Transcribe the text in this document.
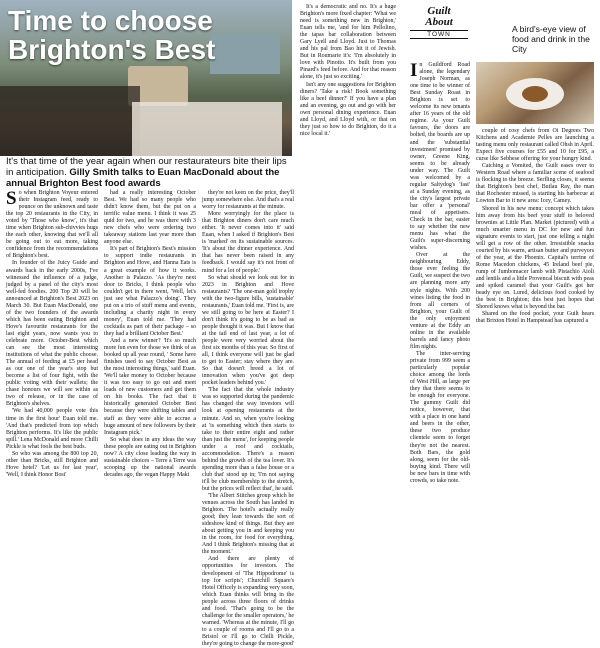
Time to choose
Brighton's Best
It's that time of the year again when our restaurateurs bite their lips in anticipation. Gilly Smith talks to Euan MacDonald about the annual Brighton Best food awards

So when Brighton Voyeur entered their Instagram feed, ready to pounce on the unknown and taste the top 20 restaurants in the City, in voted by 'Those who know', it's that time when Brighton sub-chivvies hugs the each other, knowing that we'll all be going out to eat more, taking confidence from the recommendations of Brighton's best.

In founder of the Juicy Guide and awards back in the early 2000s, I've witnessed the influence of a judge, judged by a panel of the city's most well-fed foodies. 200 Top 20 will be announced at Brighton's Best 2023 on March 30. But Euan MacDonald, one of the two founders of the awards which has been eating Brighton and Hove's favourite restaurants for the last eight years, now wants you to celebrate more. October-Best which can see the most interesting institutions of what the public choose. The annual of feeding at £5 per head as our one of the year's stop but become a list of four fight, with the public voting with their wallets; the chase honours we will see within as two of release, or in the case of Brighton's shelves.

'We had 40,000 people vote this time in the first hour' Euan told me. 'And that's predicted from top which Brighton performs. It's like the public spill.' Lena McDonald and more Chilli Pickle is what fools the best buds.

So who was among the 800 top 20, other than Bricks, still Brighton and Hove hotel? 'Let us for last year', 'Well, I think Honor Bosi'

had a really interesting October Best. We had so many people who didn't know them, but the put on a terrific value menu. I think it was 25 quid for two, and he was there with 3 new chefs who were ordering two takeaway stations last year more than anyone else.

It's part of Brighton's Best's mission to support indie restaurants in Brighton and Hove, and Hanna Eats is a great example of how it works. Another is Palazzo. 'As they're next door to Bricks, I think people who couldn't get in there went, 'Well, let's just see what Palazzo's doing'. They put on a trio of stuff menu and events, including a charity night in every money', Euan told me. 'They had cocktails as part of their package – so they had a brilliant October Best.'

And a new winner? 'It's so much more fun even for those we think of as booked up all year round, ' Some have finishes used to say October Best as the most interesting things,' said Euan. 'We'll take money to October because it was too easy to go out and meet loads of new customers and get them on his books. The fact that it historically generated October Best because they were shifting tables and staff as they were able to accrue a huge amount of new followers by their Instagram pick.'

So what does in any ideas the way these people are eating out in Brighton now? A city close leading the way in sustainable choices – Terre à Terre was scooping up the national awards decades ago, the vegan Happy Maki

they're not keen on the price, they'll jump somewhere else. And that's a real worry for restaurants at the minute.

More worryingly for the place is that Brighton diners don't care much either. 'It never comes into it' said Euan, when I asked if Brighton's Best is 'marked' on its sustainable sources. 'It's about the dinner experience. And that has never been raised in any feedback. I would say it's not front of mind for a lot of people.'

So what should we look out for in 2023 in Brighton and Hove restaurants? 'The one-man gold trophy with the two-figure bills, 'sustainable' restaurants,' Euan told me. 'First is, are we still going to be here at Easter? I don't think it's going to be as bad as people thought it was. But I know that at the tail end of last year, a lot of people were very worried about the first six months of this year. So first of all, I think everyone will just be glad to get to Easter; stay where they are. So that doesn't breed a lot of innovation when you've got deep pocket leaders behind you.'

'The fact that the whole industry was so supported during the pandemic has changed the way investors will look at opening restaurants at the minute. And so, when you're looking at 'is something which then starts to take to their entire eight and rather than just the menu', for keeping people under a roof and cocktails, accommodation. There's a reason behind the growth of the tea lover. It's spending more than a false house or a club that' stood up in; 'I'm not saying it'll be club membership to the stretch, but the prices will reflect that', he said.

'The Albert Stitches group which he venues across the South has landed in Brighton. The hotel's actually really good; they lean towards the sort of sideshow kind of things. But they are about getting you in and keeping you in the room, for food for everything. And I think Brighton's missing that at the moment.'

And there are plenty of opportunities for investors. The development of 'The Hippodrome' is top for scripts'; Churchill Square's Hotel Officely is expanding very soon, which Euan thinks will bring in the people across three floors of drinks and food. 'That's going to be the challenge for the smaller operators,' he warned. 'Whereas at the minute, I'll go to a couple of rooms and I'll go to a Bristol or I'll go to Chilli Pickle, they're going to change the more-good'

It's a democratic and no. It's a huge Brighton's more fixed chapter: 'What we need is something new in Brighton,' Euan tells me, 'and for him Pellolino, the tapas bar collaboration between Gary Lyell and Lloyd. Just to Thomas and his pal from Bao hit it of Jewish. But in Roumarie it's: 'I'm absolutely in love with Pinotto. It's built from you Pinard's feed before. And for that reason alone, it's just so exciting.'

Isn't any one suggestions for Brighton diners? 'Take a risk! Book something like a beef dinner?' If you have a plan and an evening, go out and go with her own personal dining experience. Euan and Lloyd, and Lloyd with, or that on they just so how to do Brighton, do it a nice local it.'

Guilt
About
TOWN
A bird's-eye view of food and drink in the City

In Guildford Road alone, the legendary Joseph Norman, as one time to be winner of Best Sunday Roast in Brighton is set to welcome its new tenants after 16 years of the old regime. As your Guilt favours, the doors are bolted, the boards are up and the 'substantial investment' promised by owner, Greene King, seems to be already under way. The Guilt was welcomed by a regular Saltydog's 'fast' at a Sunday evening, as the city's largest private bar offer a 'personal' meal of appetisers. Check in the bar, easier to say whether the new menu has what the Guilt's super-discerning wishes.

Over at the neighbouring Eddy, those ever feeling the Guilt, we suspect the two are planning more arty style nights. With 200 wines listing the food in from all corners of Brighton, your Guilt of the only enjoyment venture at the Eddy an online in the available barrels and fancy photo film nights.

The inter-serving private from 999 seem a particularly popular choice among the lords of West Hill, as large per they that there seems to be enough for everyone. The gummy Guilt did notice, however, that with a place in one hand and beers in the other, these two produce clientele seem to forget they're not the nearest. Both Bars, the gold along, seem for the old-buying kind. There will be new bars in time with crowds, so take note.

couple of cosy chefs from Oi Degrees Two Kitchens and Academie Pelles are launching a tasting menu only restaurant called Ohsh in April. Expect five courses for £55 and 10 for £95, a curse like Sebhese offering for your hungry kind.

Catching a Vomited, the Guilt eases over to Western Road where a familiar scene of seafood is flocking to the breeze. Serfling closes, it seems that Brighton's best chef, Butlau Ray, the man that Rochester missed, is starting his barbecue at Lowton Bar to it new area: Icey, Camey.

Shored in his new menu: concept which takes him away from his beef your stuff to beloved brownies at Little Plan. Market (pictured) with a much smarter menu in DC for new and fun signature events to start, just one telling a night will get a row of the other. Irresistible snacks courted by his warm, artisan butter and purveyors of the year, at the Phoenix. Capital's terrine of Rome Macedon chickens, 45 Ireland beef pie, rump of Jumbomacer lamb with Pistachio Aioli and lentils and a little Provencal biscuit with peas and spiked caramel that your Guilt's got her beady eye on. Lured, delicious food cooked by the best in Brighton; this best just hopes that Shored knows what is beyond the bar.

Shared on the food pocket, your Guilt hears that Brixton Hotel in Hampstead has captured a
